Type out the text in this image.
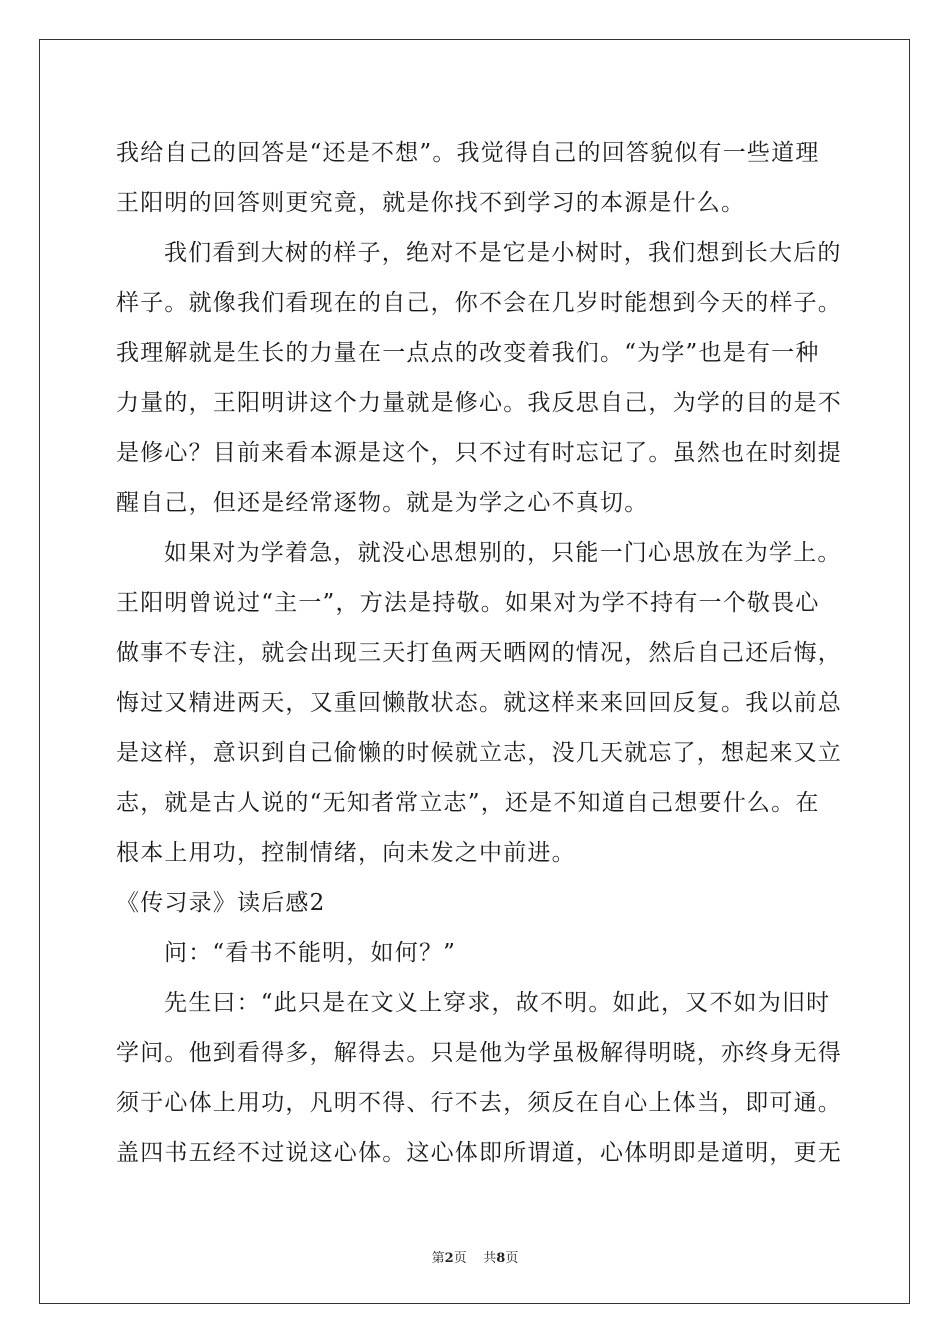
我给自己的回答是“还是不想”。我觉得自己的回答貌似有一些道理
王阳明的回答则更究竟，就是你找不到学习的本源是什么。
我们看到大树的样子，绝对不是它是小树时，我们想到长大后的
样子。就像我们看现在的自己，你不会在几岁时能想到今天的样子。
我理解就是生长的力量在一点点的改变着我们。“为学”也是有一种
力量的，王阳明讲这个力量就是修心。我反思自己，为学的目的是不
是修心？目前来看本源是这个，只不过有时忘记了。虽然也在时刻提
醒自己，但还是经常逐物。就是为学之心不真切。
如果对为学着急，就没心思想别的，只能一门心思放在为学上。
王阳明曾说过“主一”，方法是持敬。如果对为学不持有一个敬畏心
做事不专注，就会出现三天打鱼两天晒网的情况，然后自己还后悔，
悔过又精进两天，又重回懒散状态。就这样来来回回反复。我以前总
是这样，意识到自己偷懒的时候就立志，没几天就忘了，想起来又立
志，就是古人说的“无知者常立志”，还是不知道自己想要什么。在
根本上用功，控制情绪，向未发之中前进。
《传习录》读后感2
问：“看书不能明，如何？”
先生曰：“此只是在文义上穿求，故不明。如此，又不如为旧时
学问。他到看得多，解得去。只是他为学虽极解得明晓，亦终身无得
须于心体上用功，凡明不得、行不去，须反在自心上体当，即可通。
盖四书五经不过说这心体。这心体即所谓道，心体明即是道明，更无
第2页 共8页
